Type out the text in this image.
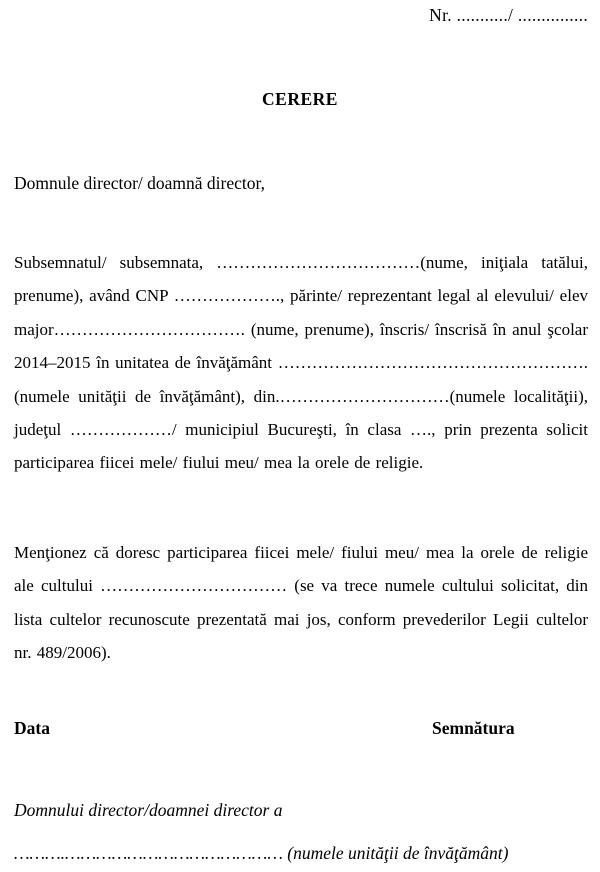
Nr. .........../ ...............
CERERE
Domnule director/ doamnă director,
Subsemnatul/ subsemnata, ………………………………(nume, iniţiala tatălui, prenume), având CNP ………………., părinte/ reprezentant legal al elevului/ elev major……………………………. (nume, prenume), înscris/ înscrisă în anul şcolar 2014–2015 în unitatea de învăţământ ……………………………………………….(numele unităţii de învăţământ), din.…………………………(numele localităţii), judeţul ………………/ municipiul Bucureşti, în clasa …., prin prezenta solicit participarea fiicei mele/ fiului meu/ mea la orele de religie.
Menţionez că doresc participarea fiicei mele/ fiului meu/ mea la orele de religie ale cultului …………………………… (se va trece numele cultului solicitat, din lista cultelor recunoscute prezentată mai jos, conform prevederilor Legii cultelor nr. 489/2006).
Data	Semnătura
Domnului director/doamnei director a
……….…………………………………… (numele unităţii de învăţământ)
